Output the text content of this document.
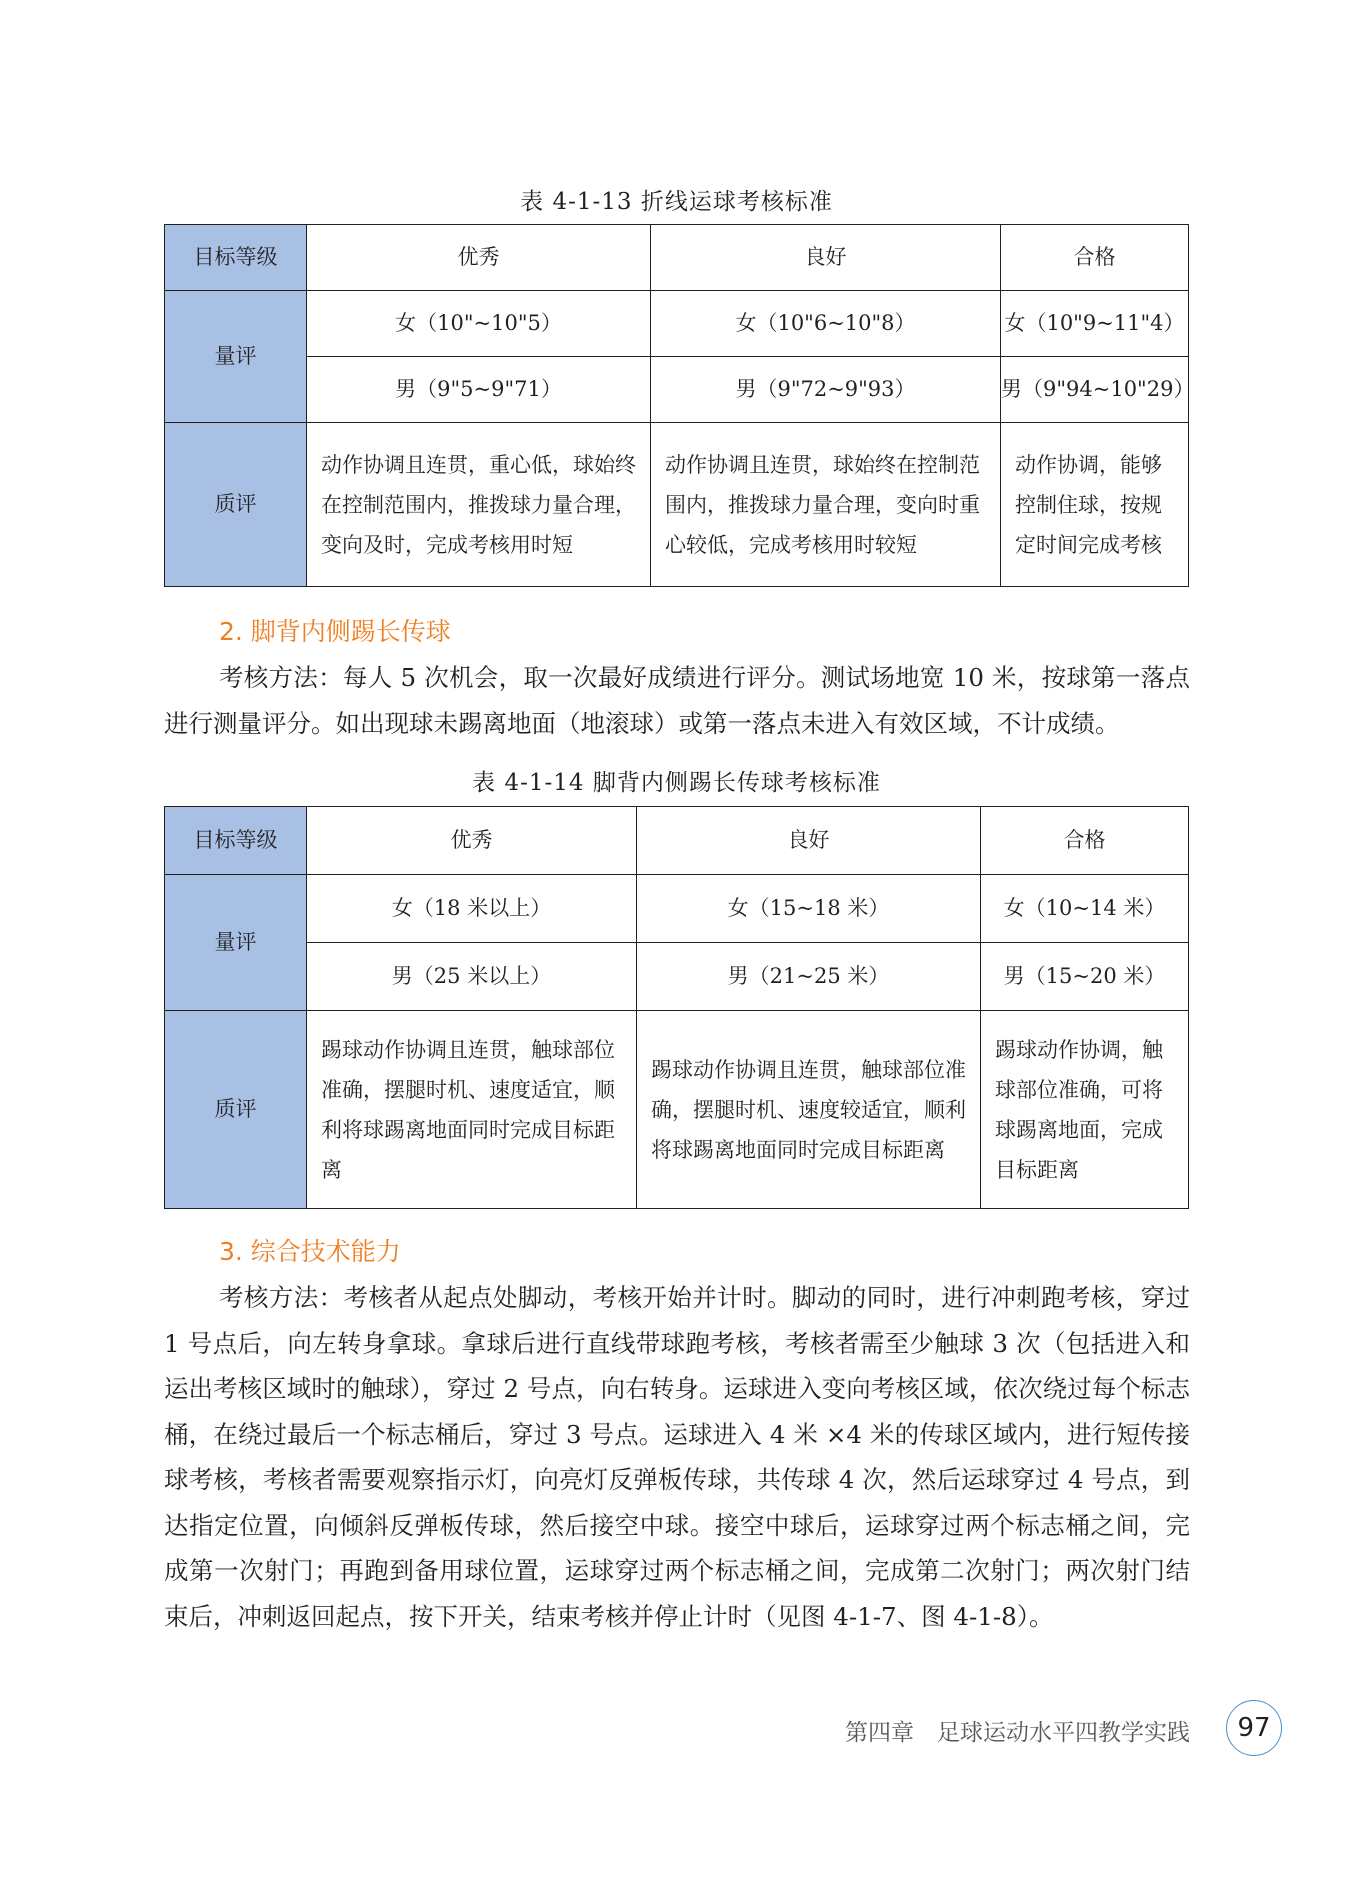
表 4-1-13 折线运球考核标准
目标等级	优秀	良好	合格
量评	女（10"~10"5）	女（10"6~10"8）	女（10"9~11"4）
	男（9"5~9"71）	男（9"72~9"93）	男（9"94~10"29）
质评	动作协调且连贯，重心低，球始终在控制范围内，推拨球力量合理，变向及时，完成考核用时短	动作协调且连贯，球始终在控制范围内，推拨球力量合理，变向时重心较低，完成考核用时较短	动作协调，能够控制住球，按规定时间完成考核
2. 脚背内侧踢长传球

考核方法：每人 5 次机会，取一次最好成绩进行评分。测试场地宽 10 米，按球第一落点进行测量评分。如出现球未踢离地面（地滚球）或第一落点未进入有效区域，不计成绩。

表 4-1-14 脚背内侧踢长传球考核标准
目标等级	优秀	良好	合格
量评	女（18 米以上）	女（15~18 米）	女（10~14 米）
	男（25 米以上）	男（21~25 米）	男（15~20 米）
质评	踢球动作协调且连贯，触球部位准确，摆腿时机、速度适宜，顺利将球踢离地面同时完成目标距离	踢球动作协调且连贯，触球部位准确，摆腿时机、速度较适宜，顺利将球踢离地面同时完成目标距离	踢球动作协调，触球部位准确，可将球踢离地面，完成目标距离
3. 综合技术能力

考核方法：考核者从起点处脚动，考核开始并计时。脚动的同时，进行冲刺跑考核，穿过 1 号点后，向左转身拿球。拿球后进行直线带球跑考核，考核者需至少触球 3 次（包括进入和运出考核区域时的触球），穿过 2 号点，向右转身。运球进入变向考核区域，依次绕过每个标志桶，在绕过最后一个标志桶后，穿过 3 号点。运球进入 4 米 ×4 米的传球区域内，进行短传接球考核，考核者需要观察指示灯，向亮灯反弹板传球，共传球 4 次，然后运球穿过 4 号点，到达指定位置，向倾斜反弹板传球，然后接空中球。接空中球后，运球穿过两个标志桶之间，完成第一次射门；再跑到备用球位置，运球穿过两个标志桶之间，完成第二次射门；两次射门结束后，冲刺返回起点，按下开关，结束考核并停止计时（见图 4-1-7、图 4-1-8）。

第四章　足球运动水平四教学实践	97
